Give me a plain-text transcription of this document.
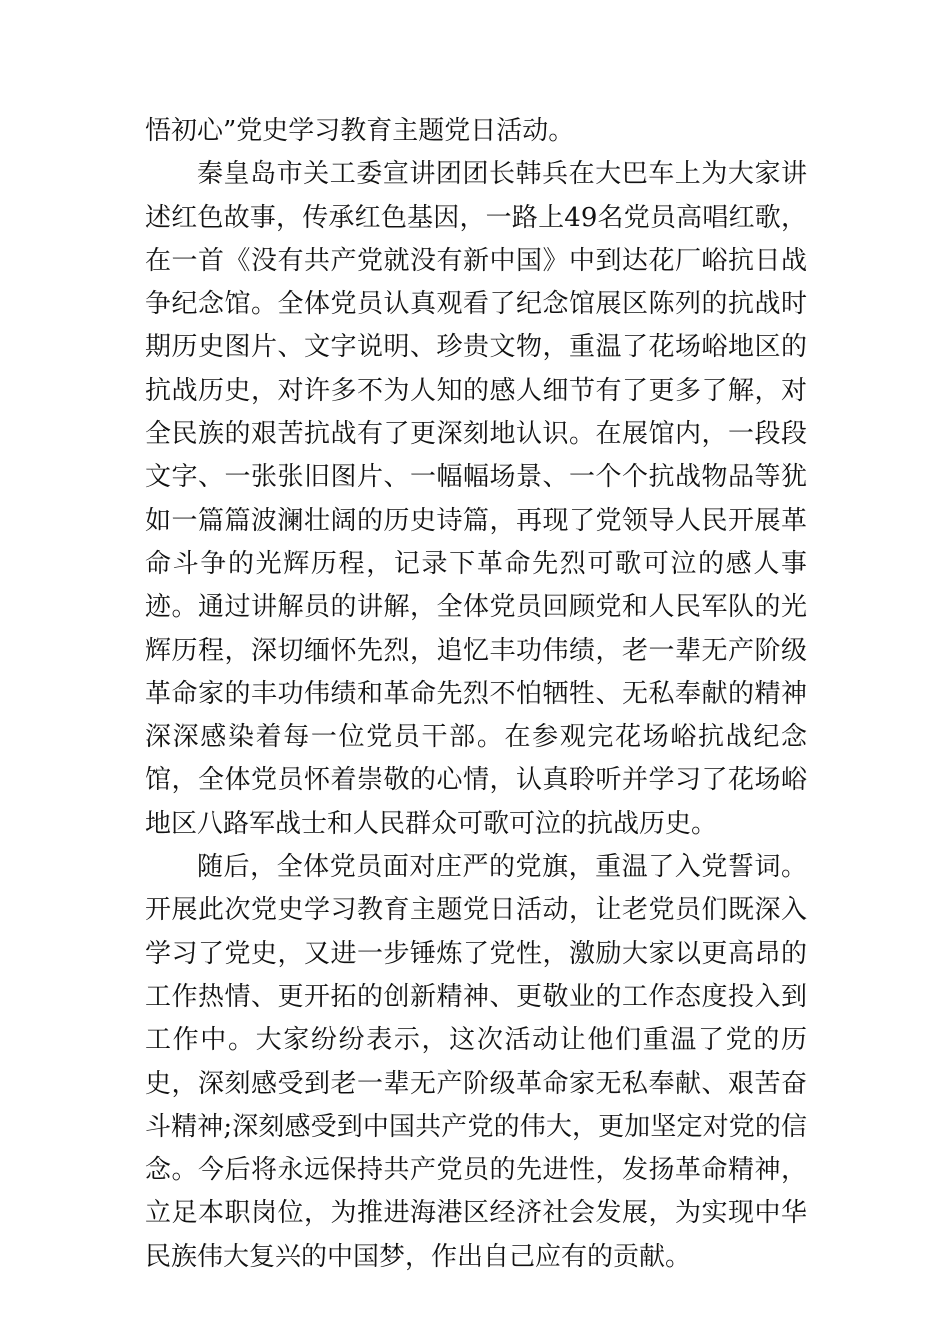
悟初心”党史学习教育主题党日活动。

秦皇岛市关工委宣讲团团长韩兵在大巴车上为大家讲述红色故事，传承红色基因，一路上49名党员高唱红歌，在一首《没有共产党就没有新中国》中到达花厂峪抗日战争纪念馆。全体党员认真观看了纪念馆展区陈列的抗战时期历史图片、文字说明、珍贵文物，重温了花场峪地区的抗战历史，对许多不为人知的感人细节有了更多了解，对全民族的艰苦抗战有了更深刻地认识。在展馆内，一段段文字、一张张旧图片、一幅幅场景、一个个抗战物品等犹如一篇篇波澜壮阔的历史诗篇，再现了党领导人民开展革命斗争的光辉历程，记录下革命先烈可歌可泣的感人事迹。通过讲解员的讲解，全体党员回顾党和人民军队的光辉历程，深切缅怀先烈，追忆丰功伟绩，老一辈无产阶级革命家的丰功伟绩和革命先烈不怕牺牲、无私奉献的精神深深感染着每一位党员干部。在参观完花场峪抗战纪念馆，全体党员怀着崇敬的心情，认真聆听并学习了花场峪地区八路军战士和人民群众可歌可泣的抗战历史。

随后，全体党员面对庄严的党旗，重温了入党誓词。开展此次党史学习教育主题党日活动，让老党员们既深入学习了党史，又进一步锤炼了党性，激励大家以更高昂的工作热情、更开拓的创新精神、更敬业的工作态度投入到工作中。大家纷纷表示，这次活动让他们重温了党的历史，深刻感受到老一辈无产阶级革命家无私奉献、艰苦奋斗精神;深刻感受到中国共产党的伟大，更加坚定对党的信念。今后将永远保持共产党员的先进性，发扬革命精神，立足本职岗位，为推进海港区经济社会发展，为实现中华民族伟大复兴的中国梦，作出自己应有的贡献。
